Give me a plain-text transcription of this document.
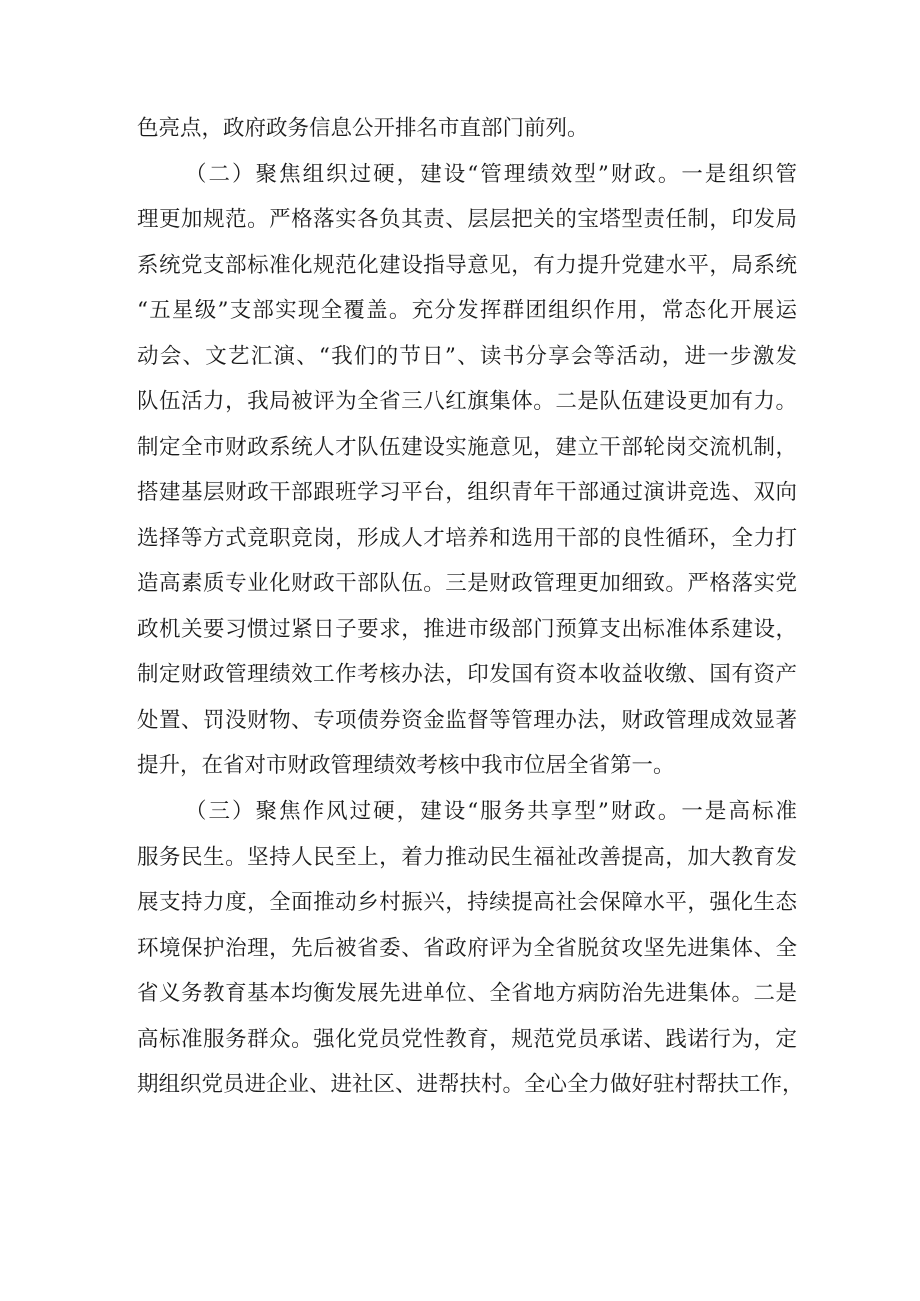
色亮点，政府政务信息公开排名市直部门前列。
（二）聚焦组织过硬，建设“管理绩效型”财政。一是组织管
理更加规范。严格落实各负其责、层层把关的宝塔型责任制，印发局
系统党支部标准化规范化建设指导意见，有力提升党建水平，局系统
“五星级”支部实现全覆盖。充分发挥群团组织作用，常态化开展运
动会、文艺汇演、“我们的节日”、读书分享会等活动，进一步激发
队伍活力，我局被评为全省三八红旗集体。二是队伍建设更加有力。
制定全市财政系统人才队伍建设实施意见，建立干部轮岗交流机制，
搭建基层财政干部跟班学习平台，组织青年干部通过演讲竞选、双向
选择等方式竞职竞岗，形成人才培养和选用干部的良性循环，全力打
造高素质专业化财政干部队伍。三是财政管理更加细致。严格落实党
政机关要习惯过紧日子要求，推进市级部门预算支出标准体系建设，
制定财政管理绩效工作考核办法，印发国有资本收益收缴、国有资产
处置、罚没财物、专项债券资金监督等管理办法，财政管理成效显著
提升，在省对市财政管理绩效考核中我市位居全省第一。
（三）聚焦作风过硬，建设“服务共享型”财政。一是高标准
服务民生。坚持人民至上，着力推动民生福祉改善提高，加大教育发
展支持力度，全面推动乡村振兴，持续提高社会保障水平，强化生态
环境保护治理，先后被省委、省政府评为全省脱贫攻坚先进集体、全
省义务教育基本均衡发展先进单位、全省地方病防治先进集体。二是
高标准服务群众。强化党员党性教育，规范党员承诺、践诺行为，定
期组织党员进企业、进社区、进帮扶村。全心全力做好驻村帮扶工作，
